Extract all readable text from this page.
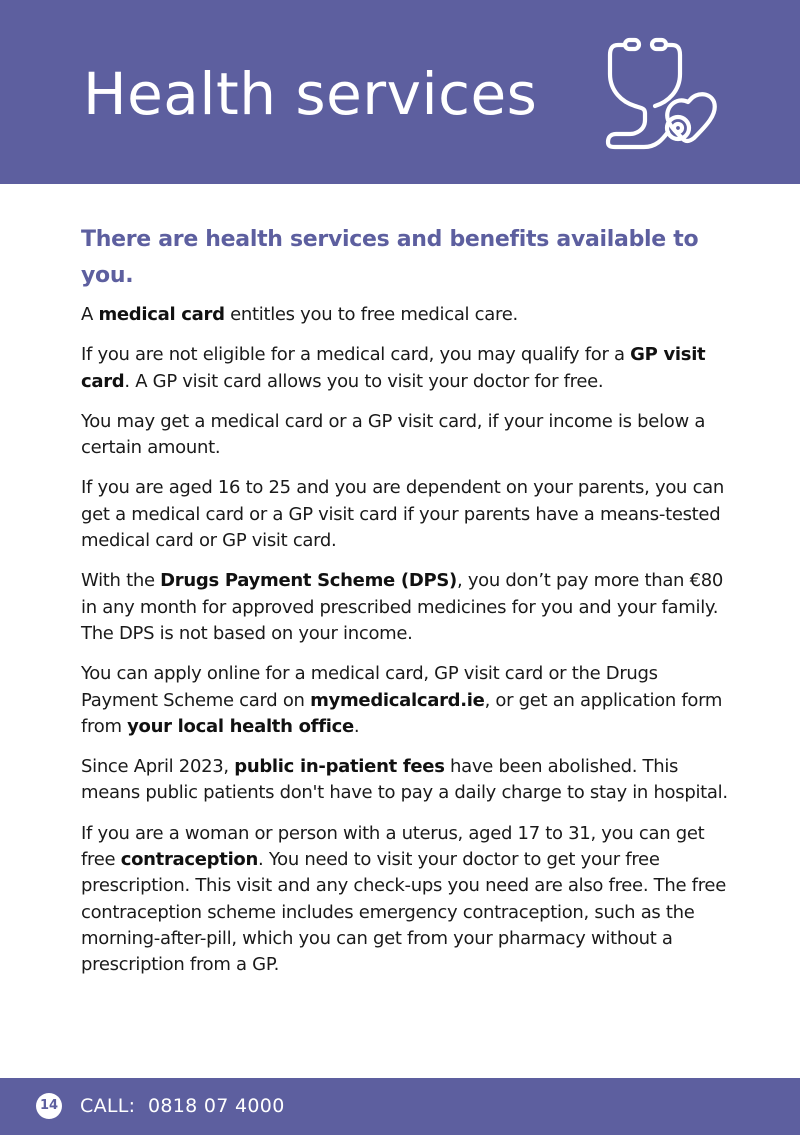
Health services
There are health services and benefits available to you.

A medical card entitles you to free medical care.

If you are not eligible for a medical card, you may qualify for a GP visit card. A GP visit card allows you to visit your doctor for free.

You may get a medical card or a GP visit card, if your income is below a certain amount.

If you are aged 16 to 25 and you are dependent on your parents, you can get a medical card or a GP visit card if your parents have a means-tested medical card or GP visit card.

With the Drugs Payment Scheme (DPS), you don’t pay more than €80 in any month for approved prescribed medicines for you and your family. The DPS is not based on your income.

You can apply online for a medical card, GP visit card or the Drugs Payment Scheme card on mymedicalcard.ie, or get an application form from your local health office.

Since April 2023, public in-patient fees have been abolished. This means public patients don't have to pay a daily charge to stay in hospital.

If you are a woman or person with a uterus, aged 17 to 31, you can get free contraception. You need to visit your doctor to get your free prescription. This visit and any check-ups you need are also free. The free contraception scheme includes emergency contraception, such as the morning-after-pill, which you can get from your pharmacy without a prescription from a GP.

14 CALL:  0818 07 4000
